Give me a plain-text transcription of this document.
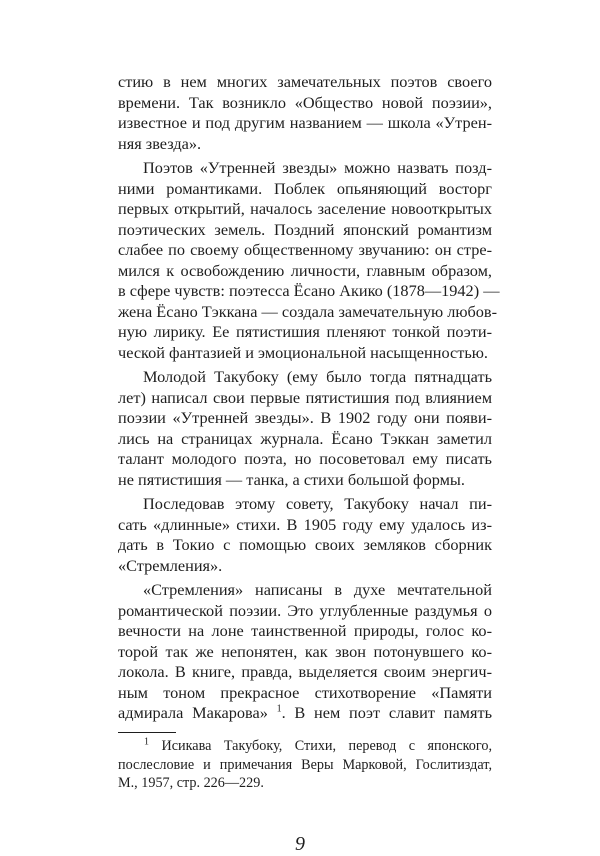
стию в нем многих замечательных поэтов своего
времени. Так возникло «Общество новой поэзии»,
известное и под другим названием — школа «Утрен-
няя звезда».
Поэтов «Утренней звезды» можно назвать позд-
ними романтиками. Поблек опьяняющий восторг
первых открытий, началось заселение новооткрытых
поэтических земель. Поздний японский романтизм
слабее по своему общественному звучанию: он стре-
мился к освобождению личности, главным образом,
в сфере чувств: поэтесса Ёсано Акико (1878—1942) —
жена Ёсано Тэккана — создала замечательную любов-
ную лирику. Ее пятистишия пленяют тонкой поэти-
ческой фантазией и эмоциональной насыщенностью.
Молодой Такубоку (ему было тогда пятнадцать
лет) написал свои первые пятистишия под влиянием
поэзии «Утренней звезды». В 1902 году они появи-
лись на страницах журнала. Ёсано Тэккан заметил
талант молодого поэта, но посоветовал ему писать
не пятистишия — танка, а стихи большой формы.
Последовав этому совету, Такубоку начал пи-
сать «длинные» стихи. В 1905 году ему удалось из-
дать в Токио с помощью своих земляков сборник
«Стремления».
«Стремления» написаны в духе мечтательной
романтической поэзии. Это углубленные раздумья о
вечности на лоне таинственной природы, голос ко-
торой так же непонятен, как звон потонувшего ко-
локола. В книге, правда, выделяется своим энергич-
ным тоном прекрасное стихотворение «Памяти
адмирала Макарова» $^1$. В нем поэт славит память
$^1$ Исикава Такубоку, Стихи, перевод с японского,
послесловие и примечания Веры Марковой, Гослитиздат,
М., 1957, стр. 226—229.
9
